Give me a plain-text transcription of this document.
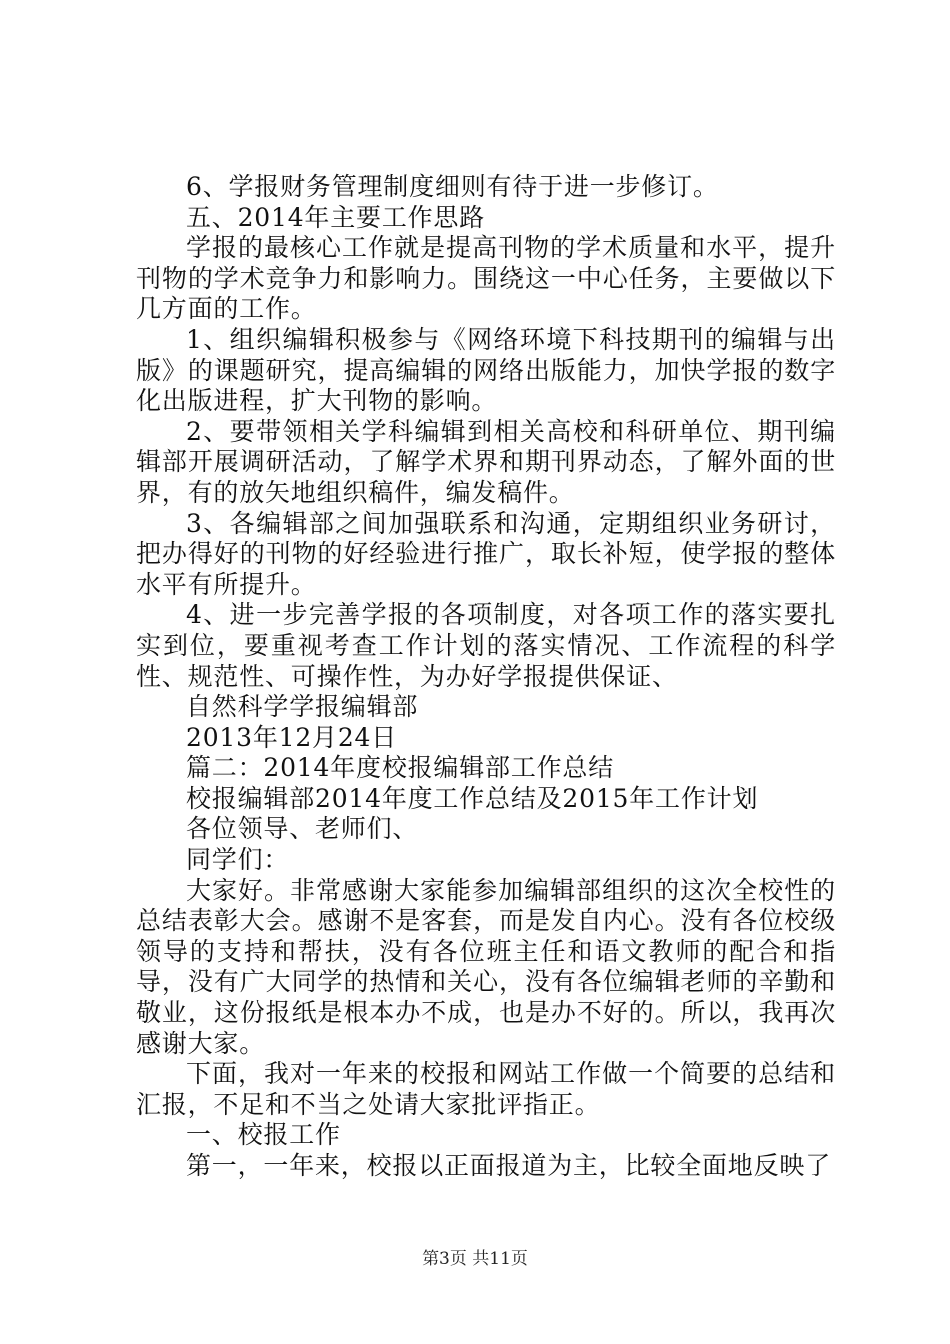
6、学报财务管理制度细则有待于进一步修订。

五、2014年主要工作思路

学报的最核心工作就是提高刊物的学术质量和水平，提升刊物的学术竞争力和影响力。围绕这一中心任务，主要做以下几方面的工作。

1、组织编辑积极参与《网络环境下科技期刊的编辑与出版》的课题研究，提高编辑的网络出版能力，加快学报的数字化出版进程，扩大刊物的影响。

2、要带领相关学科编辑到相关高校和科研单位、期刊编辑部开展调研活动，了解学术界和期刊界动态，了解外面的世界，有的放矢地组织稿件，编发稿件。

3、各编辑部之间加强联系和沟通，定期组织业务研讨，把办得好的刊物的好经验进行推广，取长补短，使学报的整体水平有所提升。

4、进一步完善学报的各项制度，对各项工作的落实要扎实到位，要重视考查工作计划的落实情况、工作流程的科学性、规范性、可操作性，为办好学报提供保证、

自然科学学报编辑部

2013年12月24日

篇二：2014年度校报编辑部工作总结

校报编辑部2014年度工作总结及2015年工作计划

各位领导、老师们、

同学们：

大家好。非常感谢大家能参加编辑部组织的这次全校性的总结表彰大会。感谢不是客套，而是发自内心。没有各位校级领导的支持和帮扶，没有各位班主任和语文教师的配合和指导，没有广大同学的热情和关心，没有各位编辑老师的辛勤和敬业，这份报纸是根本办不成，也是办不好的。所以，我再次感谢大家。

下面，我对一年来的校报和网站工作做一个简要的总结和汇报，不足和不当之处请大家批评指正。

一、校报工作

第一，一年来，校报以正面报道为主，比较全面地反映了

第3页 共11页
